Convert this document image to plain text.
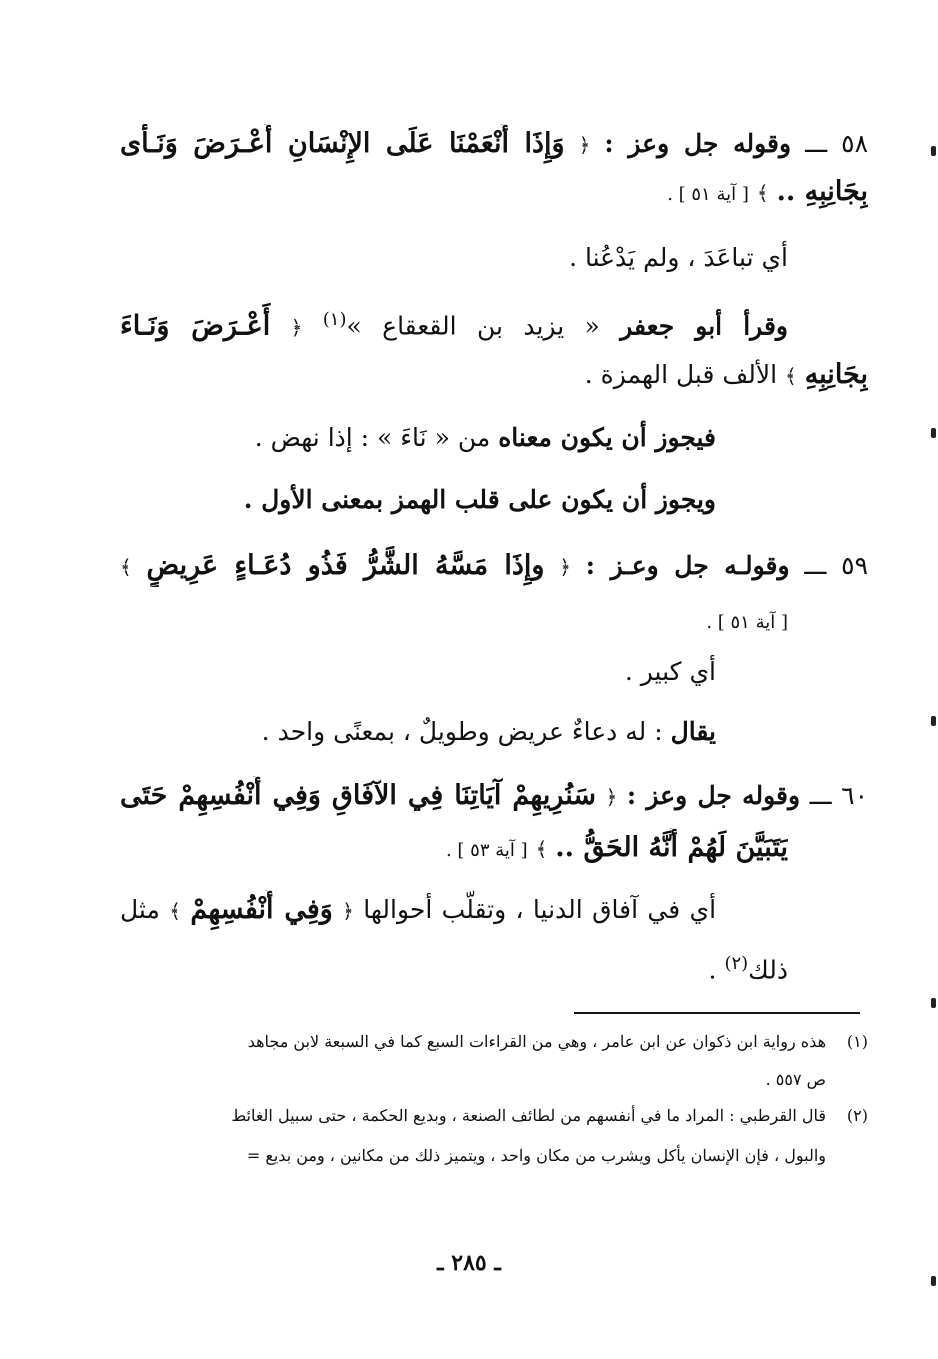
٥٨ ـــ وقوله جل وعز : ﴿ وَإِذَا أَنْعَمْنَا عَلَى الإِنْسَانِ أَعْـرَضَ وَنَـأَى
بِجَانِبِهِ .. ﴾ [ آية ٥١ ] .
أي تباعَدَ ، ولم يَدْعُنا .
وقرأ أبو جعفر « يزيد بن القعقاع »$^{(١)}$ ﴿ أَعْـرَضَ وَنَـاءَ
بِجَانِبِهِ ﴾ الألف قبل الهمزة .
فيجوز أن يكون معناه من « نَاءَ » : إذا نهض .
ويجوز أن يكون على قلب الهمز بمعنى الأول .
٥٩ ـــ وقولـه جل وعـز : ﴿ وإِذَا مَسَّهُ الشَّرُّ فَذُو دُعَـاءٍ عَرِيضٍ ﴾
[ آية ٥١ ] .
أي كبير .
يقال : له دعاءٌ عريض وطويلٌ ، بمعنًى واحد .
٦٠ ـــ وقوله جل وعز : ﴿ سَنُرِيهِمْ آيَاتِنَا فِي الآفَاقِ وَفِي أَنْفُسِهِمْ حَتَى
يَتَبَيَّنَ لَهُمْ أَنَّهُ الحَقُّ .. ﴾ [ آية ٥٣ ] .
أي في آفاق الدنيا ، وتقلُّب أحوالها ﴿ وَفِي أَنْفُسِهِمْ ﴾ مثل
ذلك$^{(٢)}$ .
(١)هذه رواية ابن ذكوان عن ابن عامر ، وهي من القراءات السبع كما في السبعة لابن مجاهد
ص ٥٥٧ .
(٢)قال القرطبي : المراد ما في أنفسهم من لطائف الصنعة ، وبديع الحكمة ، حتى سبيل الغائط
والبول ، فإن الإنسان يأكل ويشرب من مكان واحد ، ويتميز ذلك من مكانين ، ومن بديع =
ـ ٢٨٥ ـ
